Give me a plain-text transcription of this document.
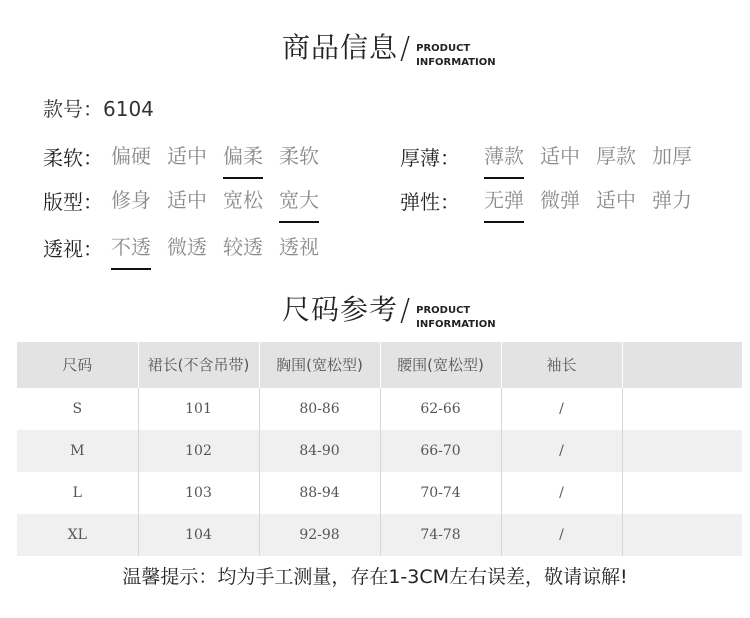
商品信息 / PRODUCT
INFORMATION
款号：6104
柔软： 偏硬 适中 偏柔 柔软	厚薄：	薄款 适中 厚款 加厚
版型： 修身 适中 宽松 宽大	弹性：	无弹 微弹 适中 弹力
透视： 不透 微透 较透 透视
尺码参考 / PRODUCT
INFORMATION
尺码	裙长(不含吊带)	胸围(宽松型)	腰围(宽松型)	袖长	
S	101	80-86	62-66	/	
M	102	84-90	66-70	/	
L	103	88-94	70-74	/	
XL	104	92-98	74-78	/	
温馨提示：均为手工测量，存在1-3CM左右误差，敬请谅解!
